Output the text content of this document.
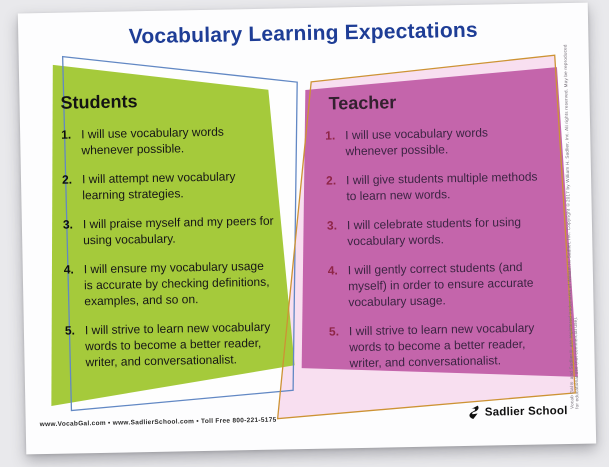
Vocabulary Learning Expectations
Students
1. I will use vocabulary words
whenever possible.
2. I will attempt new vocabulary
learning strategies.
3. I will praise myself and my peers for
using vocabulary.
4. I will ensure my vocabulary usage
is accurate by checking definitions,
examples, and so on.
5. I will strive to learn new vocabulary
words to become a better reader,
writer, and conversationalist.
Teacher
1. I will use vocabulary words
whenever possible.
2. I will give students multiple methods
to learn new words.
3. I will celebrate students for using
vocabulary words.
4. I will gently correct students (and
myself) in order to ensure accurate
vocabulary usage.
5. I will strive to learn new vocabulary
words to become a better reader,
writer, and conversationalist.
www.VocabGal.com • www.SadlierSchool.com • Toll Free 800-221-5175
Sadlier School
Vocab Gal® and Sadlier® are registered trademarks of William H. Sadlier, Inc. Copyright ©2017 by William H. Sadlier, Inc. All rights reserved. May be reproduced for educational use (not commercial use).
